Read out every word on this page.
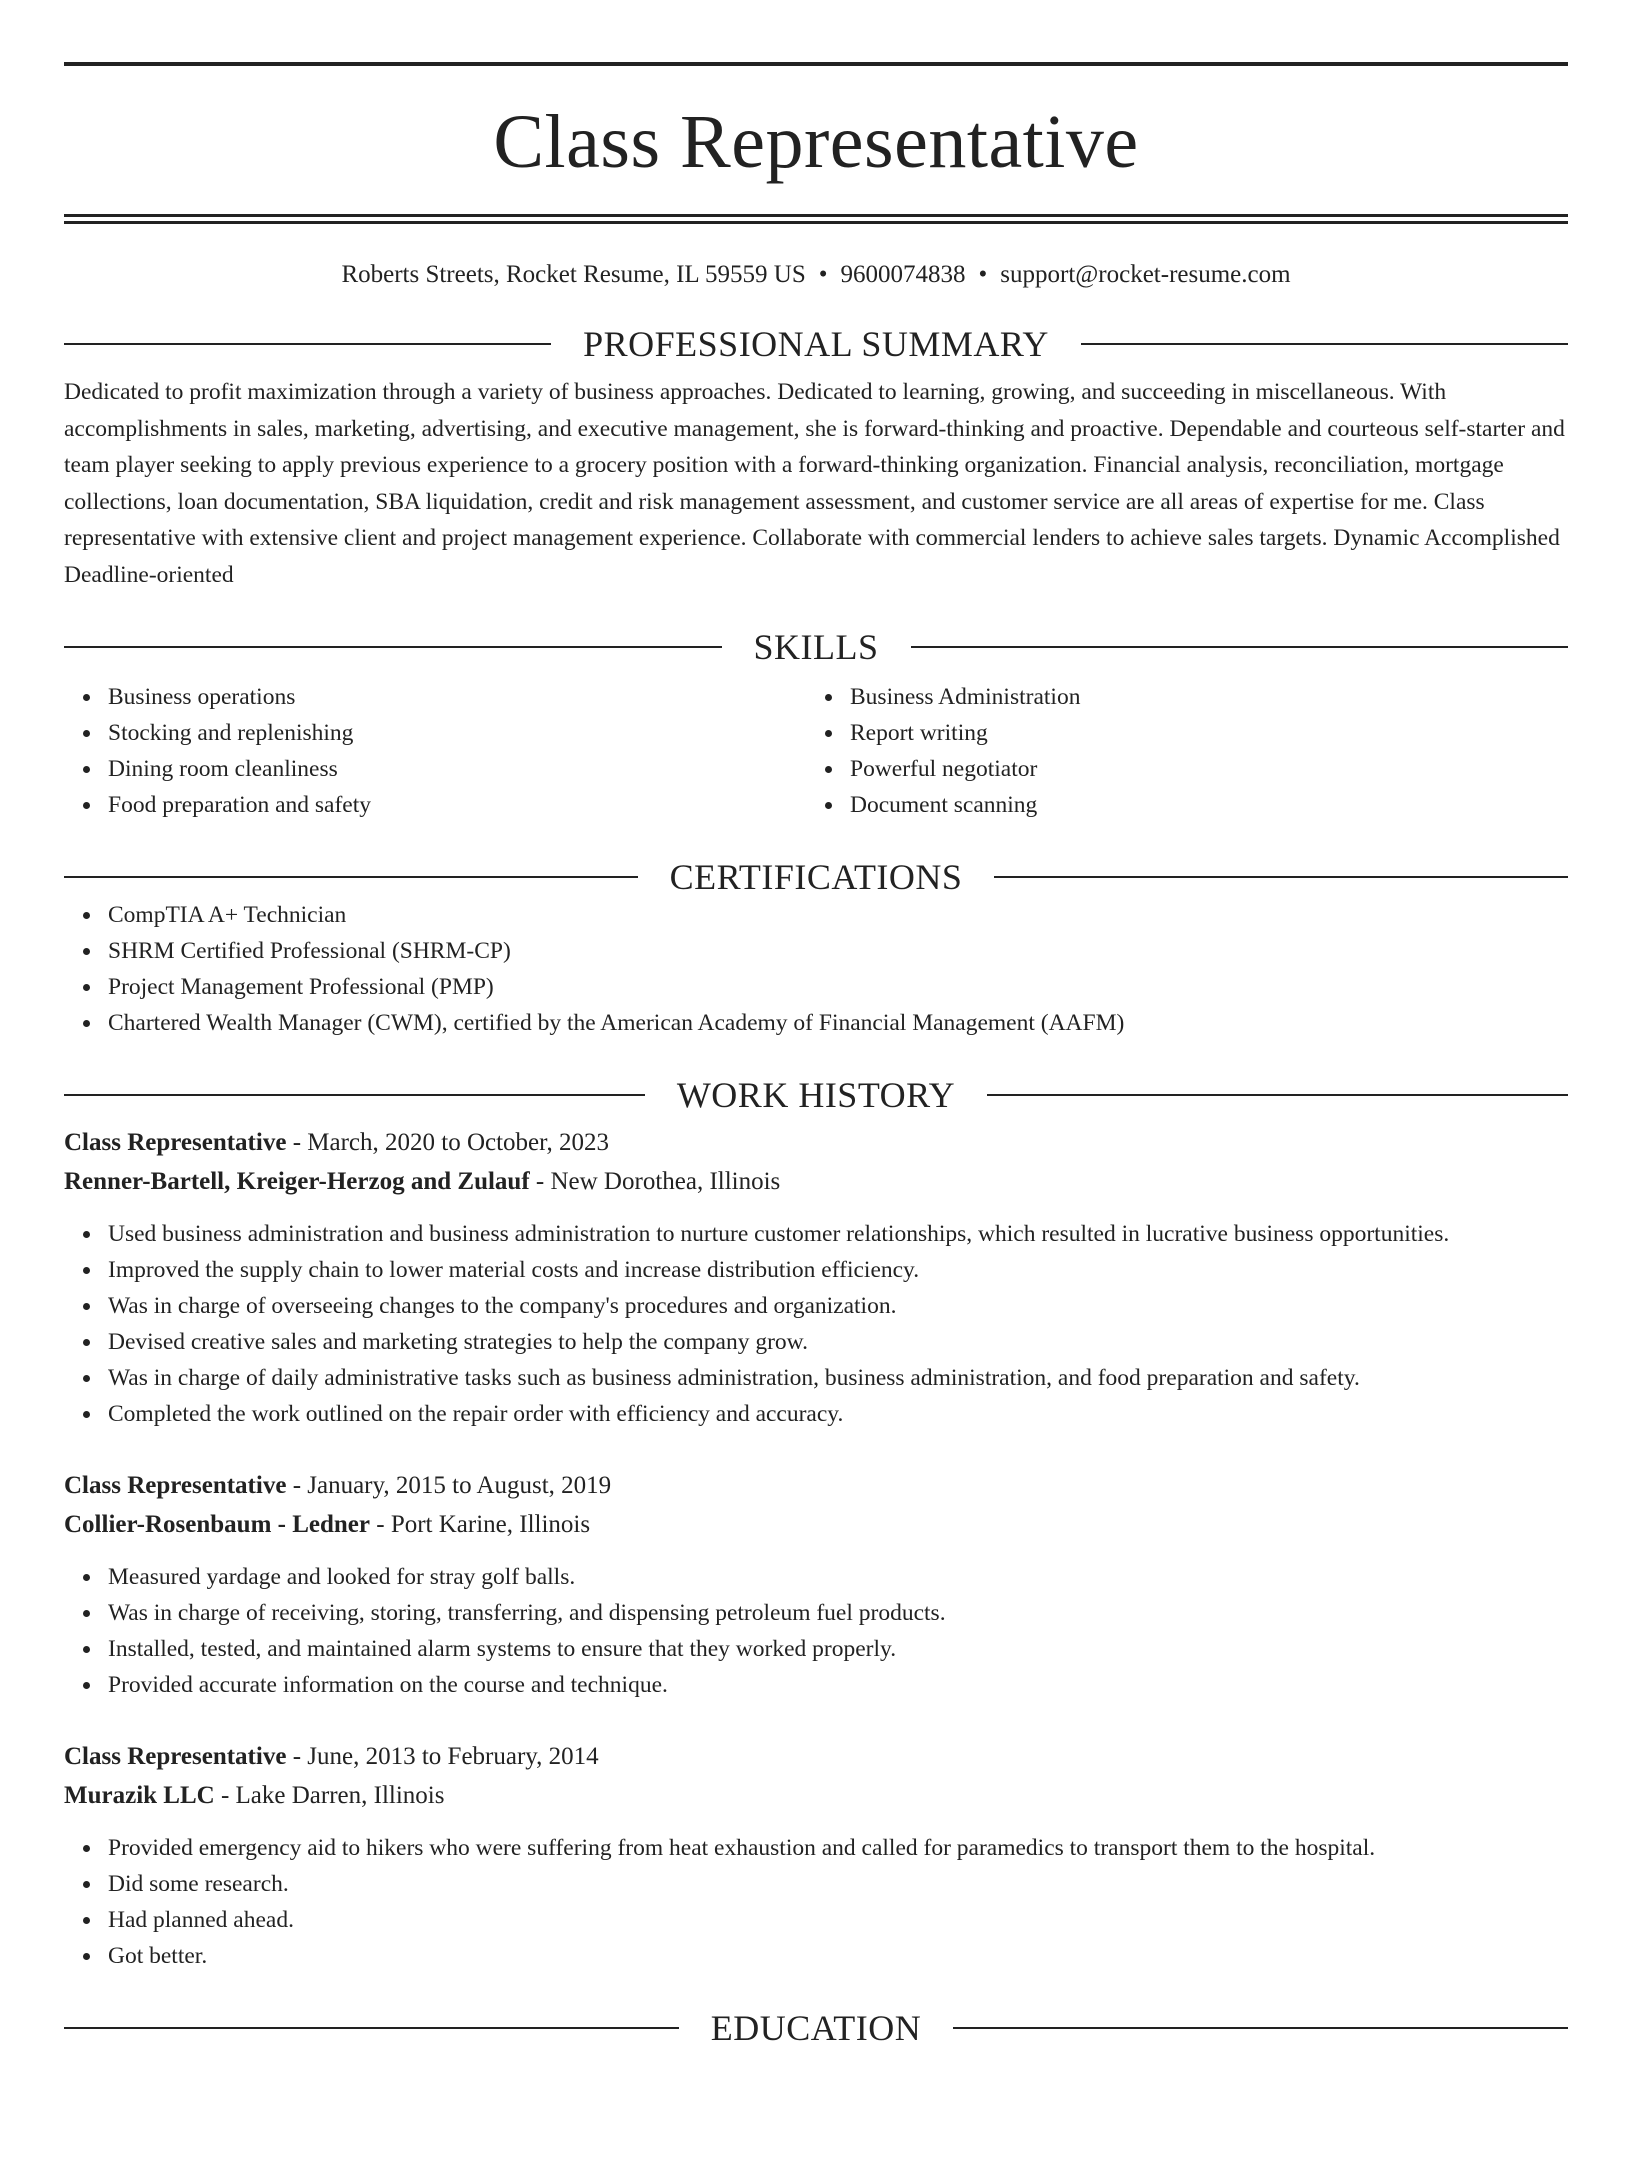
Class Representative
Roberts Streets, Rocket Resume, IL 59559 US • 9600074838 • support@rocket-resume.com
PROFESSIONAL SUMMARY
Dedicated to profit maximization through a variety of business approaches. Dedicated to learning, growing, and succeeding in miscellaneous. With accomplishments in sales, marketing, advertising, and executive management, she is forward-thinking and proactive. Dependable and courteous self-starter and team player seeking to apply previous experience to a grocery position with a forward-thinking organization. Financial analysis, reconciliation, mortgage collections, loan documentation, SBA liquidation, credit and risk management assessment, and customer service are all areas of expertise for me. Class representative with extensive client and project management experience. Collaborate with commercial lenders to achieve sales targets. Dynamic Accomplished Deadline-oriented
SKILLS
Business operations
Stocking and replenishing
Dining room cleanliness
Food preparation and safety
Business Administration
Report writing
Powerful negotiator
Document scanning
CERTIFICATIONS
CompTIA A+ Technician
SHRM Certified Professional (SHRM-CP)
Project Management Professional (PMP)
Chartered Wealth Manager (CWM), certified by the American Academy of Financial Management (AAFM)
WORK HISTORY
Class Representative - March, 2020 to October, 2023
Renner-Bartell, Kreiger-Herzog and Zulauf - New Dorothea, Illinois
Used business administration and business administration to nurture customer relationships, which resulted in lucrative business opportunities.
Improved the supply chain to lower material costs and increase distribution efficiency.
Was in charge of overseeing changes to the company's procedures and organization.
Devised creative sales and marketing strategies to help the company grow.
Was in charge of daily administrative tasks such as business administration, business administration, and food preparation and safety.
Completed the work outlined on the repair order with efficiency and accuracy.
Class Representative - January, 2015 to August, 2019
Collier-Rosenbaum - Ledner - Port Karine, Illinois
Measured yardage and looked for stray golf balls.
Was in charge of receiving, storing, transferring, and dispensing petroleum fuel products.
Installed, tested, and maintained alarm systems to ensure that they worked properly.
Provided accurate information on the course and technique.
Class Representative - June, 2013 to February, 2014
Murazik LLC - Lake Darren, Illinois
Provided emergency aid to hikers who were suffering from heat exhaustion and called for paramedics to transport them to the hospital.
Did some research.
Had planned ahead.
Got better.
EDUCATION
